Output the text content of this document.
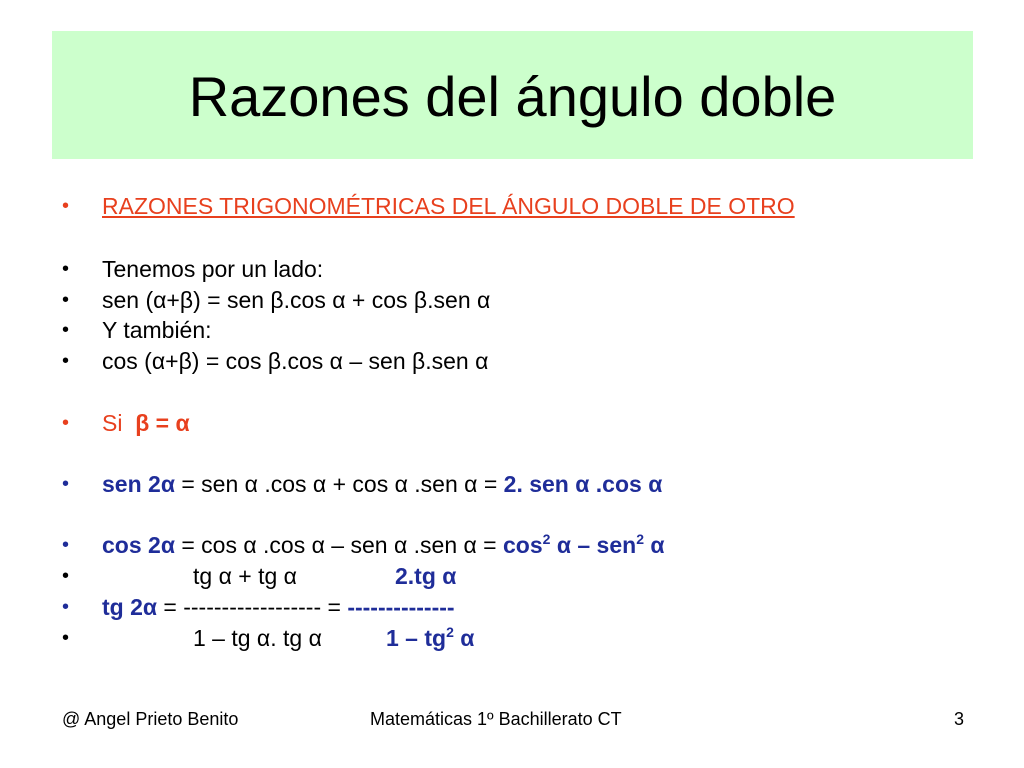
Razones del ángulo doble
• RAZONES TRIGONOMÉTRICAS DEL ÁNGULO DOBLE DE OTRO
• Tenemos por un lado:
• sen (α+β) = sen β.cos α + cos β.sen α
• Y también:
• cos (α+β) = cos β.cos α – sen β.sen α
• Si β = α
• sen 2α = sen α .cos α + cos α .sen α = 2. sen α .cos α
• cos 2α = cos α .cos α – sen α .sen $\alpha = \cos^2 \alpha - sen^2$ α
•	tg α + tg α	2.tg α
• tg 2α = ------------------ = --------------
•	1 – tg α. tg α	$1 - tg^2$ α
@ Angel Prieto Benito	Matemáticas 1º Bachillerato CT	3
